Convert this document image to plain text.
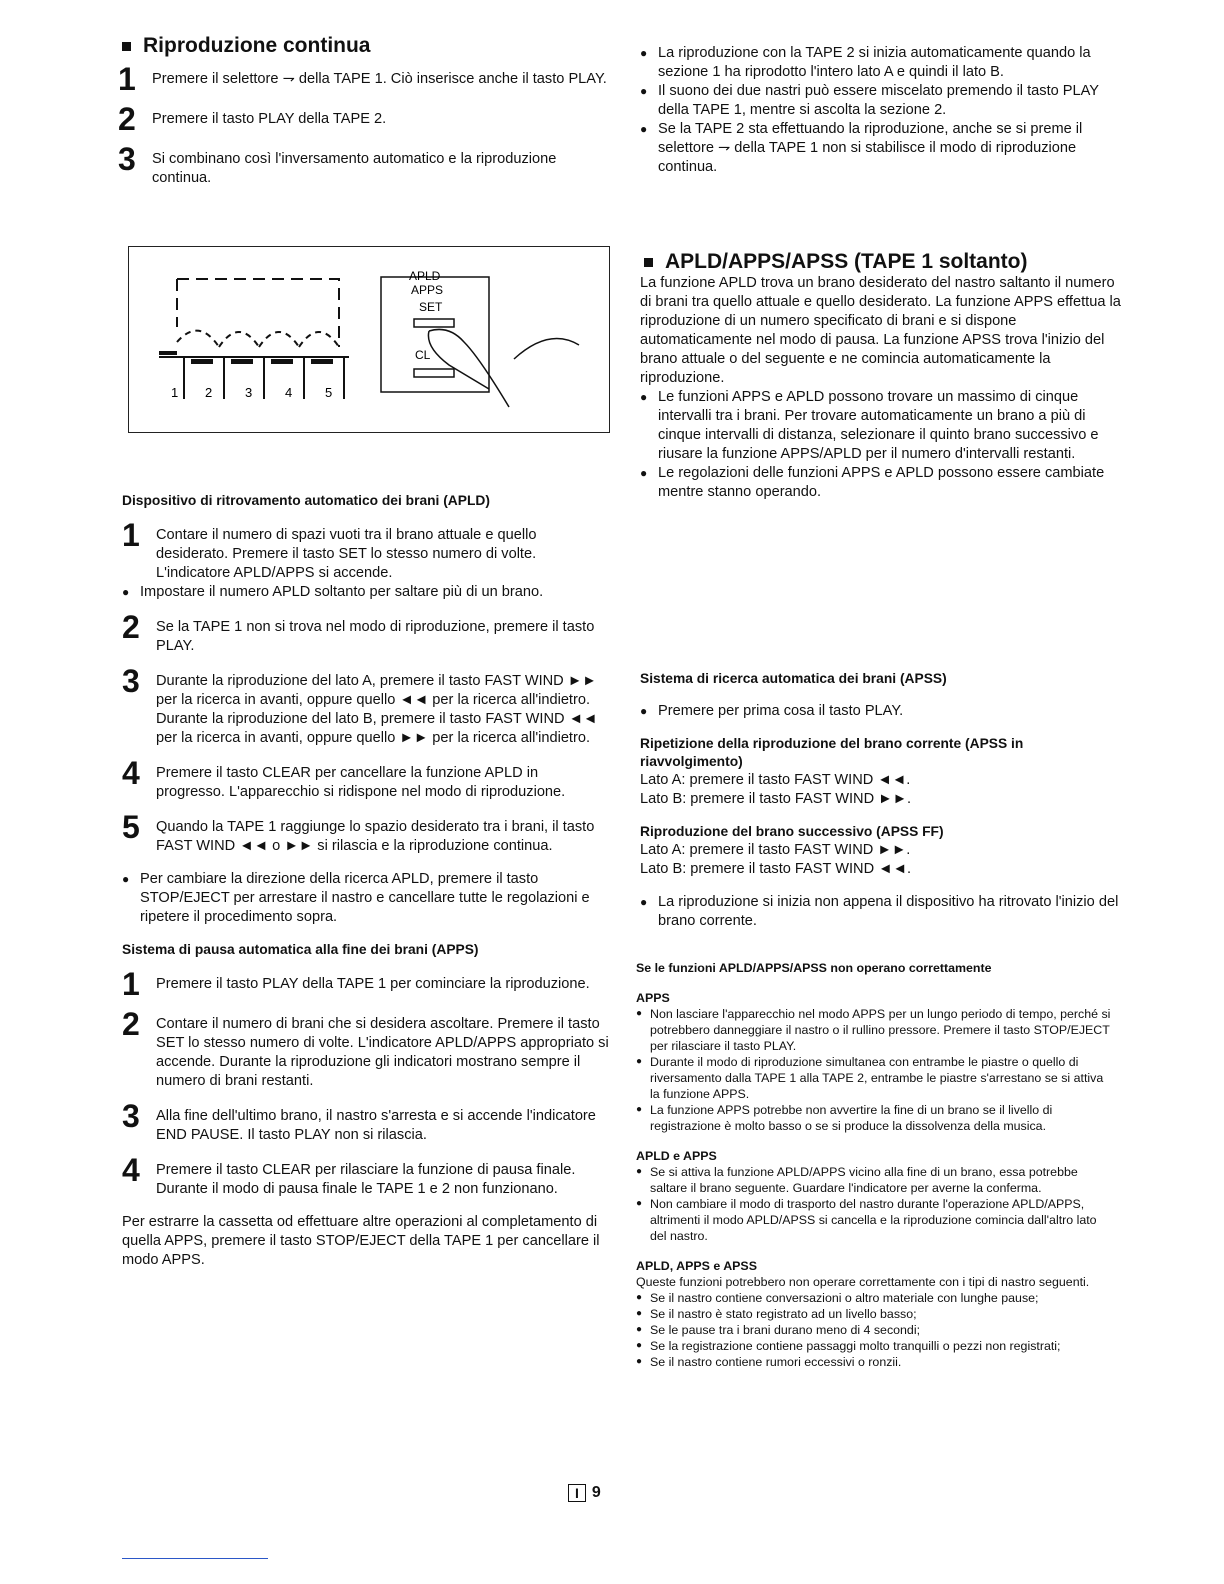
Riproduzione continua
1	Premere il selettore ⇁ della TAPE 1. Ciò inserisce anche il tasto PLAY.
2	Premere il tasto PLAY della TAPE 2.
3	Si combinano così l'inversamento automatico e la riproduzione continua.
1 2	3	4	5
APLD
APPS
SET
CL
Dispositivo di ritrovamento automatico dei brani (APLD)
1	Contare il numero di spazi vuoti tra il brano attuale e quello desiderato. Premere il tasto SET lo stesso numero di volte. L'indicatore APLD/APPS si accende.
● Impostare il numero APLD soltanto per saltare più di un brano.
2	Se la TAPE 1 non si trova nel modo di riproduzione, premere il tasto PLAY.
3	Durante la riproduzione del lato A, premere il tasto FAST WIND ►► per la ricerca in avanti, oppure quello ◄◄ per la ricerca all'indietro. Durante la riproduzione del lato B, premere il tasto FAST WIND ◄◄ per la ricerca in avanti, oppure quello ►► per la ricerca all'indietro.
4	Premere il tasto CLEAR per cancellare la funzione APLD in progresso. L'apparecchio si ridispone nel modo di riproduzione.
5	Quando la TAPE 1 raggiunge lo spazio desiderato tra i brani, il tasto FAST WIND ◄◄ o ►► si rilascia e la riproduzione continua.
● Per cambiare la direzione della ricerca APLD, premere il tasto STOP/EJECT per arrestare il nastro e cancellare tutte le regolazioni e ripetere il procedimento sopra.
Sistema di pausa automatica alla fine dei brani (APPS)
1	Premere il tasto PLAY della TAPE 1 per cominciare la riproduzione.
2	Contare il numero di brani che si desidera ascoltare. Premere il tasto SET lo stesso numero di volte. L'indicatore APLD/APPS appropriato si accende. Durante la riproduzione gli indicatori mostrano sempre il numero di brani restanti.
3	Alla fine dell'ultimo brano, il nastro s'arresta e si accende l'indicatore END PAUSE. Il tasto PLAY non si rilascia.
4	Premere il tasto CLEAR per rilasciare la funzione di pausa finale. Durante il modo di pausa finale le TAPE 1 e 2 non funzionano.

Per estrarre la cassetta od effettuare altre operazioni al completamento di quella APPS, premere il tasto STOP/EJECT della TAPE 1 per cancellare il modo APPS.

● La riproduzione con la TAPE 2 si inizia automaticamente quando la sezione 1 ha riprodotto l'intero lato A e quindi il lato B.
● Il suono dei due nastri può essere miscelato premendo il tasto PLAY della TAPE 1, mentre si ascolta la sezione 2.
● Se la TAPE 2 sta effettuando la riproduzione, anche se si preme il selettore ⇁ della TAPE 1 non si stabilisce il modo di riproduzione continua.
APLD/APPS/APSS (TAPE 1 soltanto)

La funzione APLD trova un brano desiderato del nastro saltanto il numero di brani tra quello attuale e quello desiderato. La funzione APPS effettua la riproduzione di un numero specificato di brani e si dispone automaticamente nel modo di pausa. La funzione APSS trova l'inizio del brano attuale o del seguente e ne comincia automaticamente la riproduzione.

● Le funzioni APPS e APLD possono trovare un massimo di cinque intervalli tra i brani. Per trovare automaticamente un brano a più di cinque intervalli di distanza, selezionare il quinto brano successivo e riusare la funzione APPS/APLD per il numero d'intervalli restanti.
● Le regolazioni delle funzioni APPS e APLD possono essere cambiate mentre stanno operando.
Sistema di ricerca automatica dei brani (APSS)
● Premere per prima cosa il tasto PLAY.
Ripetizione della riproduzione del brano corrente (APSS in riavvolgimento)

Lato A: premere il tasto FAST WIND ◄◄.

Lato B: premere il tasto FAST WIND ►►.

Riproduzione del brano successivo (APSS FF)

Lato A: premere il tasto FAST WIND ►►.

Lato B: premere il tasto FAST WIND ◄◄.

● La riproduzione si inizia non appena il dispositivo ha ritrovato l'inizio del brano corrente.
Se le funzioni APLD/APPS/APSS non operano correttamente
APPS
● Non lasciare l'apparecchio nel modo APPS per un lungo periodo di tempo, perché si potrebbero danneggiare il nastro o il rullino pressore. Premere il tasto STOP/EJECT per rilasciare il tasto PLAY.
● Durante il modo di riproduzione simultanea con entrambe le piastre o quello di riversamento dalla TAPE 1 alla TAPE 2, entrambe le piastre s'arrestano se si attiva la funzione APPS.
● La funzione APPS potrebbe non avvertire la fine di un brano se il livello di registrazione è molto basso o se si produce la dissolvenza della musica.
APLD e APPS
● Se si attiva la funzione APLD/APPS vicino alla fine di un brano, essa potrebbe saltare il brano seguente. Guardare l'indicatore per averne la conferma.
● Non cambiare il modo di trasporto del nastro durante l'operazione APLD/APPS, altrimenti il modo APLD/APSS si cancella e la riproduzione comincia dall'altro lato del nastro.
APLD, APPS e APSS

Queste funzioni potrebbero non operare correttamente con i tipi di nastro seguenti.

● Se il nastro contiene conversazioni o altro materiale con lunghe pause;
● Se il nastro è stato registrato ad un livello basso;
● Se le pause tra i brani durano meno di 4 secondi;
● Se la registrazione contiene passaggi molto tranquilli o pezzi non registrati;
● Se il nastro contiene rumori eccessivi o ronzii.
I 9
